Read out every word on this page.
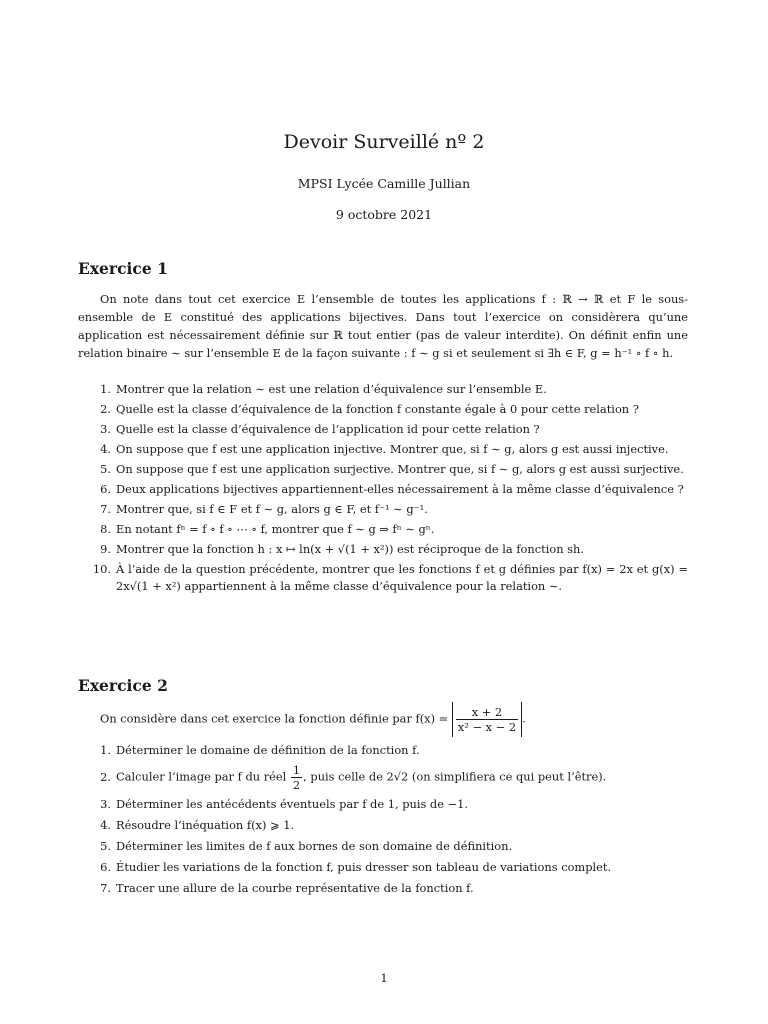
Devoir Surveillé nº 2
MPSI Lycée Camille Jullian
9 octobre 2021
Exercice 1
On note dans tout cet exercice E l’ensemble de toutes les applications f : ℝ → ℝ et F le sous-ensemble de E constitué des applications bijectives. Dans tout l’exercice on considèrera qu’une application est nécessairement définie sur ℝ tout entier (pas de valeur interdite). On définit enfin une relation binaire ∼ sur l’ensemble E de la façon suivante : f ∼ g si et seulement si ∃h ∈ F, g = h⁻¹ ∘ f ∘ h.
1. Montrer que la relation ∼ est une relation d’équivalence sur l’ensemble E.
2. Quelle est la classe d’équivalence de la fonction f constante égale à 0 pour cette relation ?
3. Quelle est la classe d’équivalence de l’application id pour cette relation ?
4. On suppose que f est une application injective. Montrer que, si f ∼ g, alors g est aussi injective.
5. On suppose que f est une application surjective. Montrer que, si f ∼ g, alors g est aussi surjective.
6. Deux applications bijectives appartiennent-elles nécessairement à la même classe d’équivalence ?
7. Montrer que, si f ∈ F et f ∼ g, alors g ∈ F, et f⁻¹ ∼ g⁻¹.
8. En notant fⁿ = f ∘ f ∘ ⋯ ∘ f, montrer que f ∼ g ⇒ fⁿ ∼ gⁿ.
9. Montrer que la fonction h : x ↦ ln(x + √(1 + x²)) est réciproque de la fonction sh.
10. À l’aide de la question précédente, montrer que les fonctions f et g définies par f(x) = 2x et g(x) = 2x√(1 + x²) appartiennent à la même classe d’équivalence pour la relation ∼.
Exercice 2
On considère dans cet exercice la fonction définie par $f(x) = \frac{x + 2}{\text{x² − x − 2}}$ .
1. Déterminer le domaine de définition de la fonction f.
2. Calculer l’image par f du réel $\frac{1}{2}$ , puis celle de 2√2 (on simplifiera ce qui peut l’être).
3. Déterminer les antécédents éventuels par f de 1, puis de −1.
4. Résoudre l’inéquation f(x) ⩾ 1.
5. Déterminer les limites de f aux bornes de son domaine de définition.
6. Étudier les variations de la fonction f, puis dresser son tableau de variations complet.
7. Tracer une allure de la courbe représentative de la fonction f.
1
